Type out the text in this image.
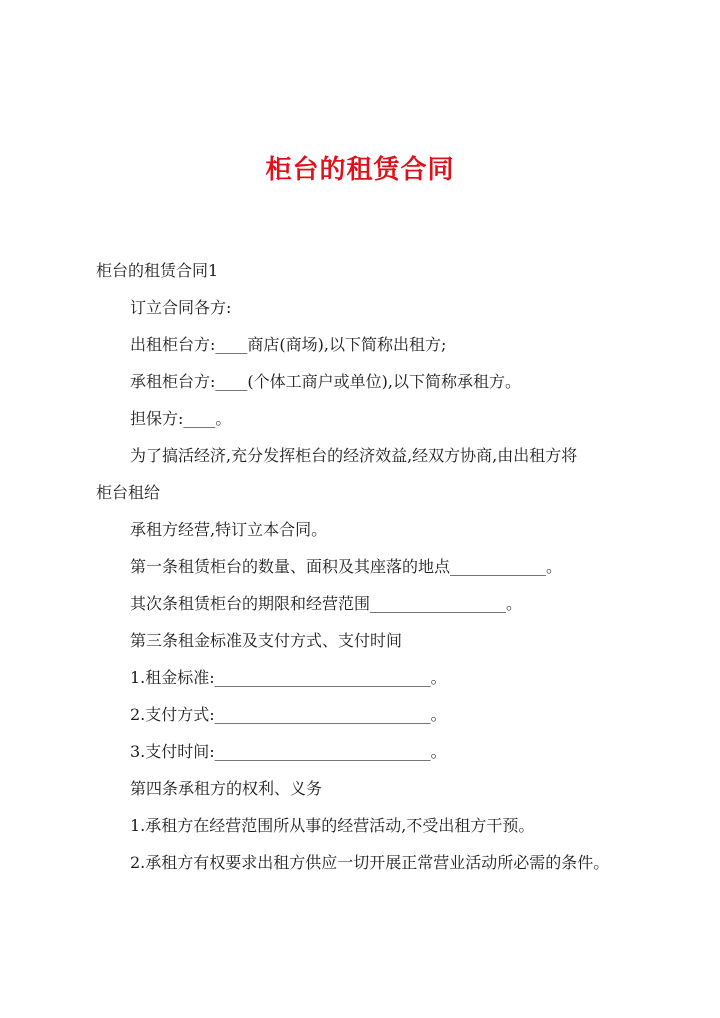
柜台的租赁合同
柜台的租赁合同1
订立合同各方:
出租柜台方:____商店(商场),以下简称出租方;
承租柜台方:____(个体工商户或单位),以下简称承租方。
担保方:____。
为了搞活经济,充分发挥柜台的经济效益,经双方协商,由出租方将
柜台租给
承租方经营,特订立本合同。
第一条租赁柜台的数量、面积及其座落的地点____________。
其次条租赁柜台的期限和经营范围_________________。
第三条租金标准及支付方式、支付时间
1.租金标准:___________________________。
2.支付方式:___________________________。
3.支付时间:___________________________。
第四条承租方的权利、义务
1.承租方在经营范围所从事的经营活动,不受出租方干预。
2.承租方有权要求出租方供应一切开展正常营业活动所必需的条件。
